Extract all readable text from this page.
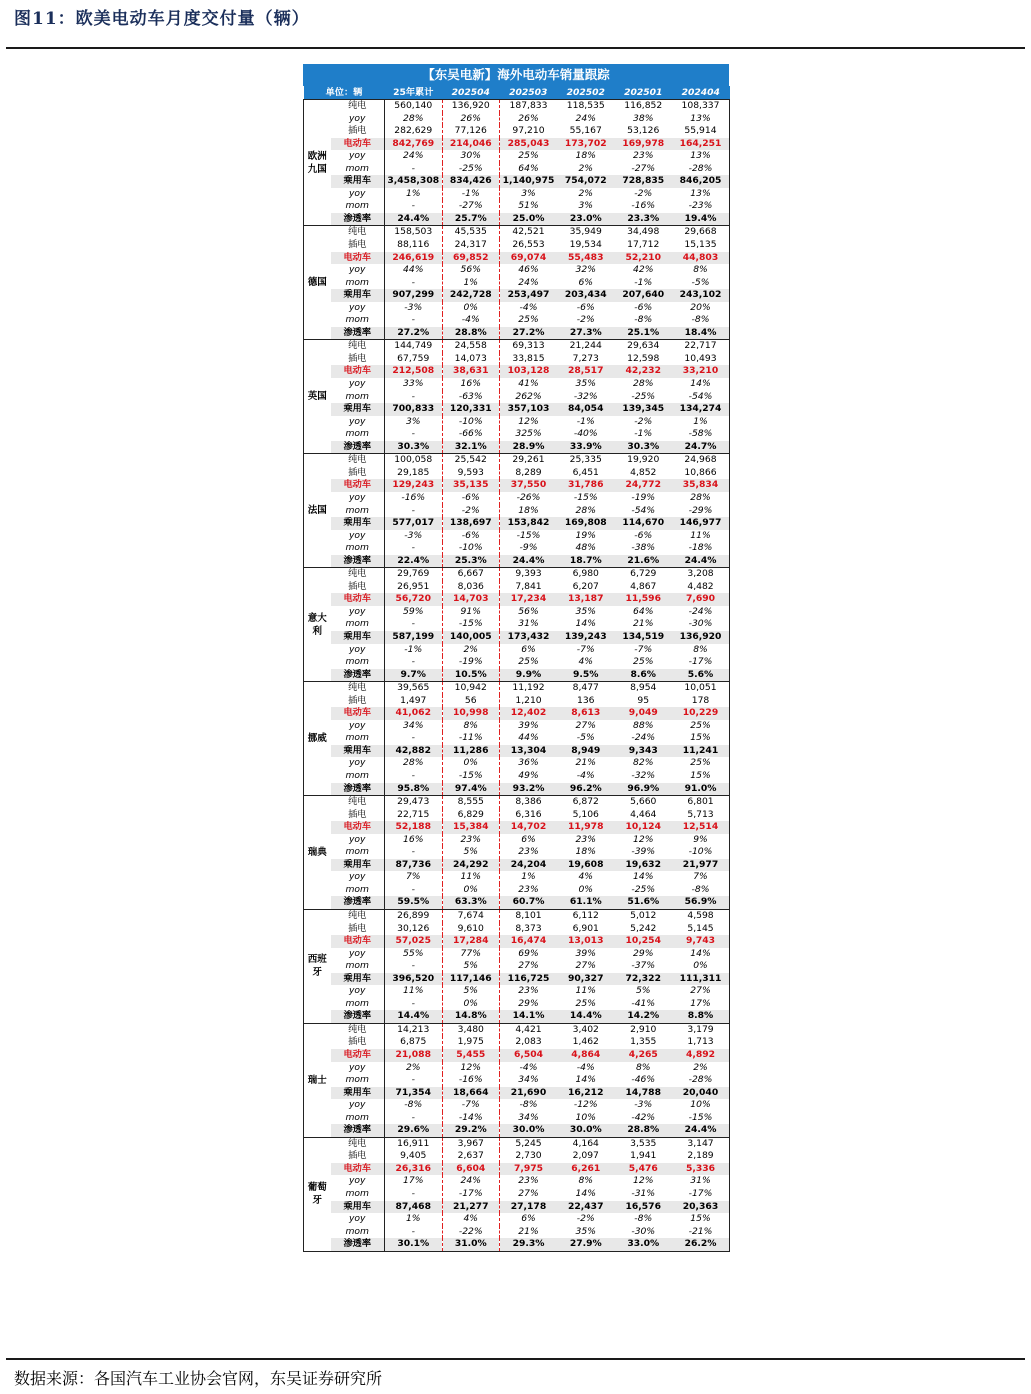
图11：欧美电动车月度交付量（辆）
【东吴电新】海外电动车销量跟踪
单位：辆		25年累计	202504	202503	202502	202501	202404
欧洲九国	纯电	560,140	136,920	187,833	118,535	116,852	108,337
	yoy	28%	26%	26%	24%	38%	13%
	插电	282,629	77,126	97,210	55,167	53,126	55,914
	电动车	842,769	214,046	285,043	173,702	169,978	164,251
	yoy	24%	30%	25%	18%	23%	13%
	mom	-	-25%	64%	2%	-27%	-28%
	乘用车	3,458,308	834,426	1,140,975	754,072	728,835	846,205
	yoy	1%	-1%	3%	2%	-2%	13%
	mom	-	-27%	51%	3%	-16%	-23%
	渗透率	24.4%	25.7%	25.0%	23.0%	23.3%	19.4%
德国	纯电	158,503	45,535	42,521	35,949	34,498	29,668
	插电	88,116	24,317	26,553	19,534	17,712	15,135
	电动车	246,619	69,852	69,074	55,483	52,210	44,803
	yoy	44%	56%	46%	32%	42%	8%
	mom	-	1%	24%	6%	-1%	-5%
	乘用车	907,299	242,728	253,497	203,434	207,640	243,102
	yoy	-3%	0%	-4%	-6%	-6%	20%
	mom	-	-4%	25%	-2%	-8%	-8%
	渗透率	27.2%	28.8%	27.2%	27.3%	25.1%	18.4%
英国	纯电	144,749	24,558	69,313	21,244	29,634	22,717
	插电	67,759	14,073	33,815	7,273	12,598	10,493
	电动车	212,508	38,631	103,128	28,517	42,232	33,210
	yoy	33%	16%	41%	35%	28%	14%
	mom	-	-63%	262%	-32%	-25%	-54%
	乘用车	700,833	120,331	357,103	84,054	139,345	134,274
	yoy	3%	-10%	12%	-1%	-2%	1%
	mom	-	-66%	325%	-40%	-1%	-58%
	渗透率	30.3%	32.1%	28.9%	33.9%	30.3%	24.7%
法国	纯电	100,058	25,542	29,261	25,335	19,920	24,968
	插电	29,185	9,593	8,289	6,451	4,852	10,866
	电动车	129,243	35,135	37,550	31,786	24,772	35,834
	yoy	-16%	-6%	-26%	-15%	-19%	28%
	mom	-	-2%	18%	28%	-54%	-29%
	乘用车	577,017	138,697	153,842	169,808	114,670	146,977
	yoy	-3%	-6%	-15%	19%	-6%	11%
	mom	-	-10%	-9%	48%	-38%	-18%
	渗透率	22.4%	25.3%	24.4%	18.7%	21.6%	24.4%
意大利	纯电	29,769	6,667	9,393	6,980	6,729	3,208
	插电	26,951	8,036	7,841	6,207	4,867	4,482
	电动车	56,720	14,703	17,234	13,187	11,596	7,690
	yoy	59%	91%	56%	35%	64%	-24%
	mom	-	-15%	31%	14%	21%	-30%
	乘用车	587,199	140,005	173,432	139,243	134,519	136,920
	yoy	-1%	2%	6%	-7%	-7%	8%
	mom	-	-19%	25%	4%	25%	-17%
	渗透率	9.7%	10.5%	9.9%	9.5%	8.6%	5.6%
挪威	纯电	39,565	10,942	11,192	8,477	8,954	10,051
	插电	1,497	56	1,210	136	95	178
	电动车	41,062	10,998	12,402	8,613	9,049	10,229
	yoy	34%	8%	39%	27%	88%	25%
	mom	-	-11%	44%	-5%	-24%	15%
	乘用车	42,882	11,286	13,304	8,949	9,343	11,241
	yoy	28%	0%	36%	21%	82%	25%
	mom	-	-15%	49%	-4%	-32%	15%
	渗透率	95.8%	97.4%	93.2%	96.2%	96.9%	91.0%
瑞典	纯电	29,473	8,555	8,386	6,872	5,660	6,801
	插电	22,715	6,829	6,316	5,106	4,464	5,713
	电动车	52,188	15,384	14,702	11,978	10,124	12,514
	yoy	16%	23%	6%	23%	12%	9%
	mom	-	5%	23%	18%	-39%	-10%
	乘用车	87,736	24,292	24,204	19,608	19,632	21,977
	yoy	7%	11%	1%	4%	14%	7%
	mom	-	0%	23%	0%	-25%	-8%
	渗透率	59.5%	63.3%	60.7%	61.1%	51.6%	56.9%
西班牙	纯电	26,899	7,674	8,101	6,112	5,012	4,598
	插电	30,126	9,610	8,373	6,901	5,242	5,145
	电动车	57,025	17,284	16,474	13,013	10,254	9,743
	yoy	55%	77%	69%	39%	29%	14%
	mom	-	5%	27%	27%	-37%	0%
	乘用车	396,520	117,146	116,725	90,327	72,322	111,311
	yoy	11%	5%	23%	11%	5%	27%
	mom	-	0%	29%	25%	-41%	17%
	渗透率	14.4%	14.8%	14.1%	14.4%	14.2%	8.8%
瑞士	纯电	14,213	3,480	4,421	3,402	2,910	3,179
	插电	6,875	1,975	2,083	1,462	1,355	1,713
	电动车	21,088	5,455	6,504	4,864	4,265	4,892
	yoy	2%	12%	-4%	-4%	8%	2%
	mom	-	-16%	34%	14%	-46%	-28%
	乘用车	71,354	18,664	21,690	16,212	14,788	20,040
	yoy	-8%	-7%	-8%	-12%	-3%	10%
	mom	-	-14%	34%	10%	-42%	-15%
	渗透率	29.6%	29.2%	30.0%	30.0%	28.8%	24.4%
葡萄牙	纯电	16,911	3,967	5,245	4,164	3,535	3,147
	插电	9,405	2,637	2,730	2,097	1,941	2,189
	电动车	26,316	6,604	7,975	6,261	5,476	5,336
	yoy	17%	24%	23%	8%	12%	31%
	mom	-	-17%	27%	14%	-31%	-17%
	乘用车	87,468	21,277	27,178	22,437	16,576	20,363
	yoy	1%	4%	6%	-2%	-8%	15%
	mom	-	-22%	21%	35%	-30%	-21%
	渗透率	30.1%	31.0%	29.3%	27.9%	33.0%	26.2%
数据来源：各国汽车工业协会官网，东吴证券研究所
